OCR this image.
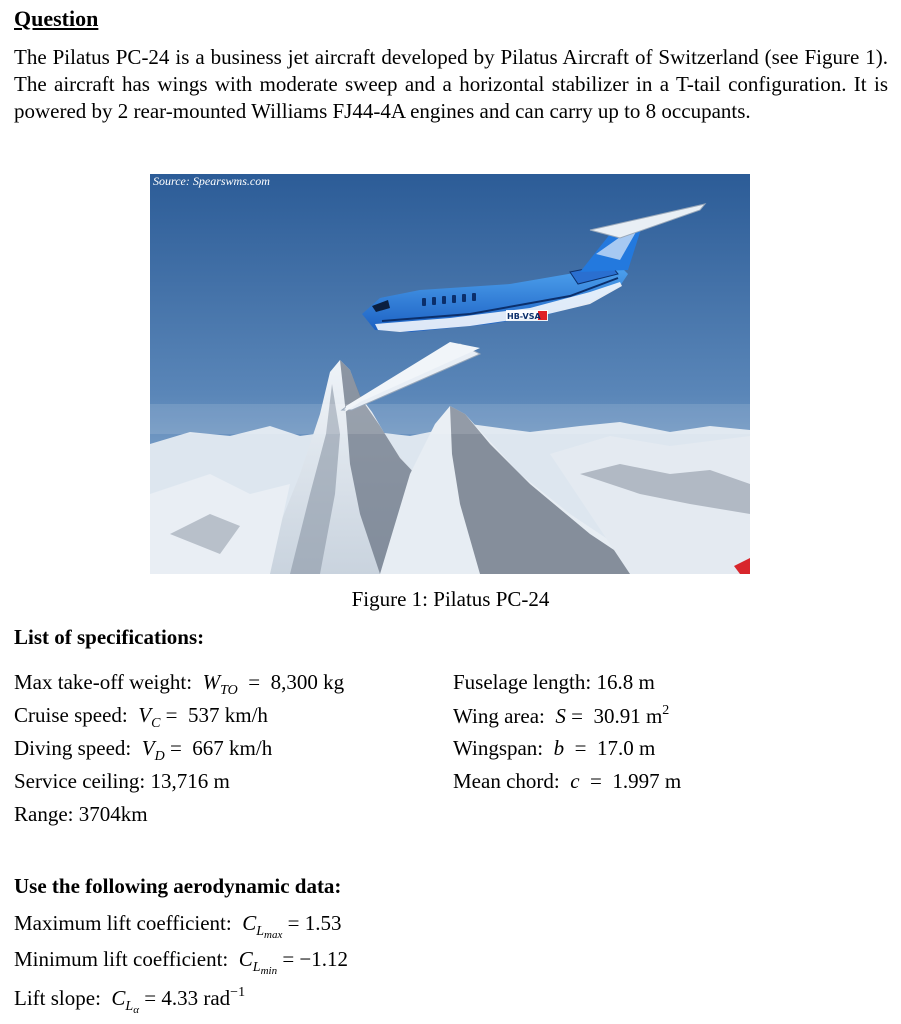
Question
The Pilatus PC-24 is a business jet aircraft developed by Pilatus Aircraft of Switzerland (see Figure 1). The aircraft has wings with moderate sweep and a horizontal stabilizer in a T-tail configuration. It is powered by 2 rear-mounted Williams FJ44-4A engines and can carry up to 8 occupants.
HB-VSA
Source: Spearswms.com
Figure 1: Pilatus PC-24
List of specifications:
Max take-off weight: $W_{TO} = 8,300$ kg
Cruise speed: $V_C = 537$ km/h
Diving speed: $V_D = 667$ km/h
Service ceiling: 13,716 m
Range: 3704km
Fuselage length: 16.8 m
Wing area: S =  30.91 $m^2$
Wingspan: b  =  17.0 m
Mean chord: c  =  1.997 m
Use the following aerodynamic data:
Maximum lift coefficient: $C_{L_{max}} = 1.53$
Minimum lift coefficient: $C_{L_{min}} = -1.12$
Lift slope: $C_{L_\alpha} = 4.33$ rad$^{-1}$
